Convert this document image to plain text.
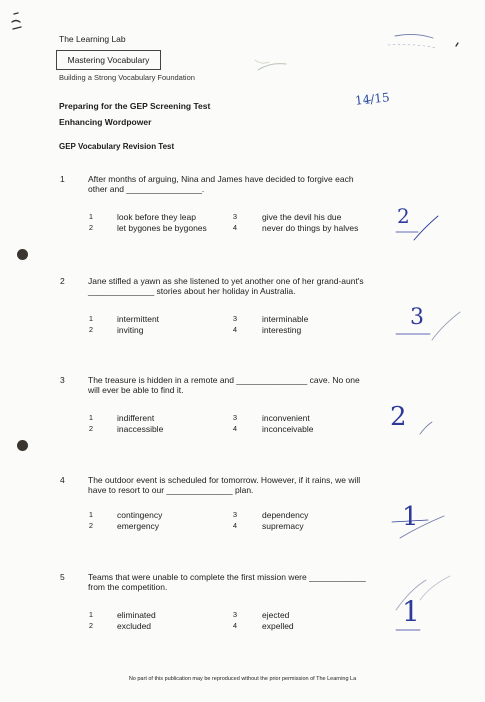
The Learning Lab
Mastering Vocabulary
Building a Strong Vocabulary Foundation
Preparing for the GEP Screening Test
Enhancing Wordpower
GEP Vocabulary Revision Test
14/15
1	After months of arguing, Nina and James have decided to forgive each other and ________________.
1	look before they leap
2	let bygones be bygones
3	give the devil his due
4	never do things by halves 2
2	Jane stifled a yawn as she listened to yet another one of her grand-aunt's ______________ stories about her holiday in Australia.
1	intermittent
2	inviting
3	interminable
4	interesting	3
3	The treasure is hidden in a remote and _______________ cave. No one will ever be able to find it.
1	indifferent
2	inaccessible
3	inconvenient
4	inconceivable	2
4	The outdoor event is scheduled for tomorrow. However, if it rains, we will have to resort to our ______________ plan.
1	contingency
2	emergency
3	dependency
4	supremacy	1
5	Teams that were unable to complete the first mission were ____________ from the competition.
1	eliminated
2	excluded
3	ejected
4	expelled	1
No part of this publication may be reproduced without the prior permission of The Learning La
